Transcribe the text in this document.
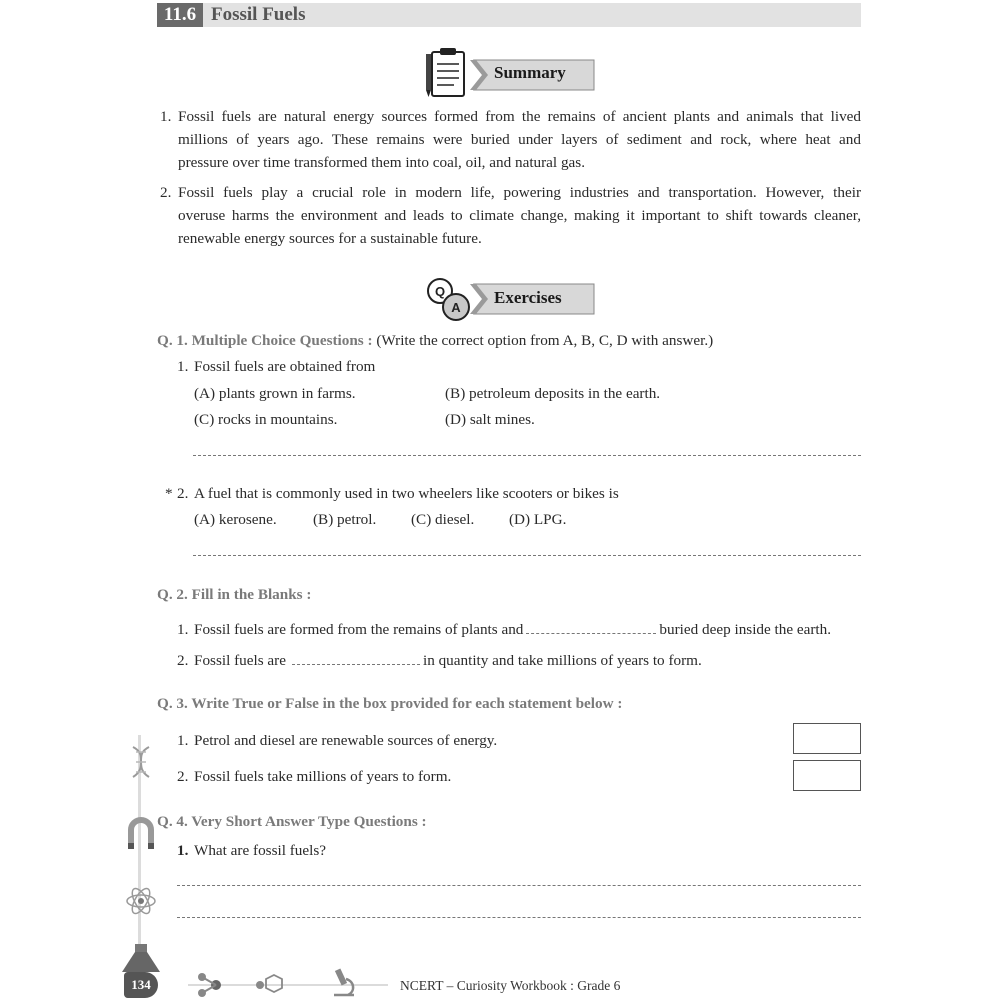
11.6 Fossil Fuels
Summary
1. Fossil fuels are natural energy sources formed from the remains of ancient plants and animals that lived
millions of years ago. These remains were buried under layers of sediment and rock, where heat and
pressure over time transformed them into coal, oil, and natural gas.
2. Fossil fuels play a crucial role in modern life, powering industries and transportation. However, their
overuse harms the environment and leads to climate change, making it important to shift towards cleaner,
renewable energy sources for a sustainable future.
Q
A
Exercises
Q. 1. Multiple Choice Questions : (Write the correct option from A, B, C, D with answer.)
1. Fossil fuels are obtained from
(A) plants grown in farms.	(B) petroleum deposits in the earth.
(C) rocks in mountains.	(D) salt mines.
* 2. A fuel that is commonly used in two wheelers like scooters or bikes is
(A) kerosene. (B) petrol. (C) diesel. (D) LPG.
Q. 2. Fill in the Blanks :
1. Fossil fuels are formed from the remains of plants and	buried deep inside the earth.
2. Fossil fuels are	in quantity and take millions of years to form.
Q. 3. Write True or False in the box provided for each statement below :
1. Petrol and diesel are renewable sources of energy.
2. Fossil fuels take millions of years to form.
Q. 4. Very Short Answer Type Questions :
1. What are fossil fuels?
134	NCERT – Curiosity Workbook : Grade 6
